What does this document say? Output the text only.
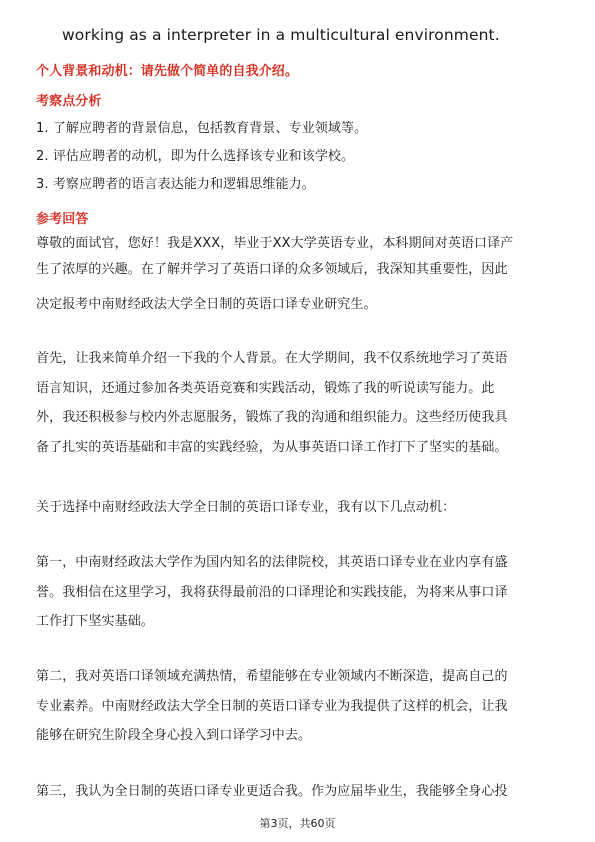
working as a interpreter in a multicultural environment.
个人背景和动机：请先做个简单的自我介绍。
考察点分析
1. 了解应聘者的背景信息，包括教育背景、专业领域等。
2. 评估应聘者的动机，即为什么选择该专业和该学校。
3. 考察应聘者的语言表达能力和逻辑思维能力。
参考回答
尊敬的面试官，您好！我是XXX，毕业于XX大学英语专业，本科期间对英语口译产
生了浓厚的兴趣。在了解并学习了英语口译的众多领域后，我深知其重要性，因此
决定报考中南财经政法大学全日制的英语口译专业研究生。
首先，让我来简单介绍一下我的个人背景。在大学期间，我不仅系统地学习了英语
语言知识，还通过参加各类英语竞赛和实践活动，锻炼了我的听说读写能力。此
外，我还积极参与校内外志愿服务，锻炼了我的沟通和组织能力。这些经历使我具
备了扎实的英语基础和丰富的实践经验，为从事英语口译工作打下了坚实的基础。
关于选择中南财经政法大学全日制的英语口译专业，我有以下几点动机：
第一，中南财经政法大学作为国内知名的法律院校，其英语口译专业在业内享有盛
誉。我相信在这里学习，我将获得最前沿的口译理论和实践技能，为将来从事口译
工作打下坚实基础。
第二，我对英语口译领域充满热情，希望能够在专业领域内不断深造，提高自己的
专业素养。中南财经政法大学全日制的英语口译专业为我提供了这样的机会，让我
能够在研究生阶段全身心投入到口译学习中去。
第三，我认为全日制的英语口译专业更适合我。作为应届毕业生，我能够全身心投
第3页，共60页
